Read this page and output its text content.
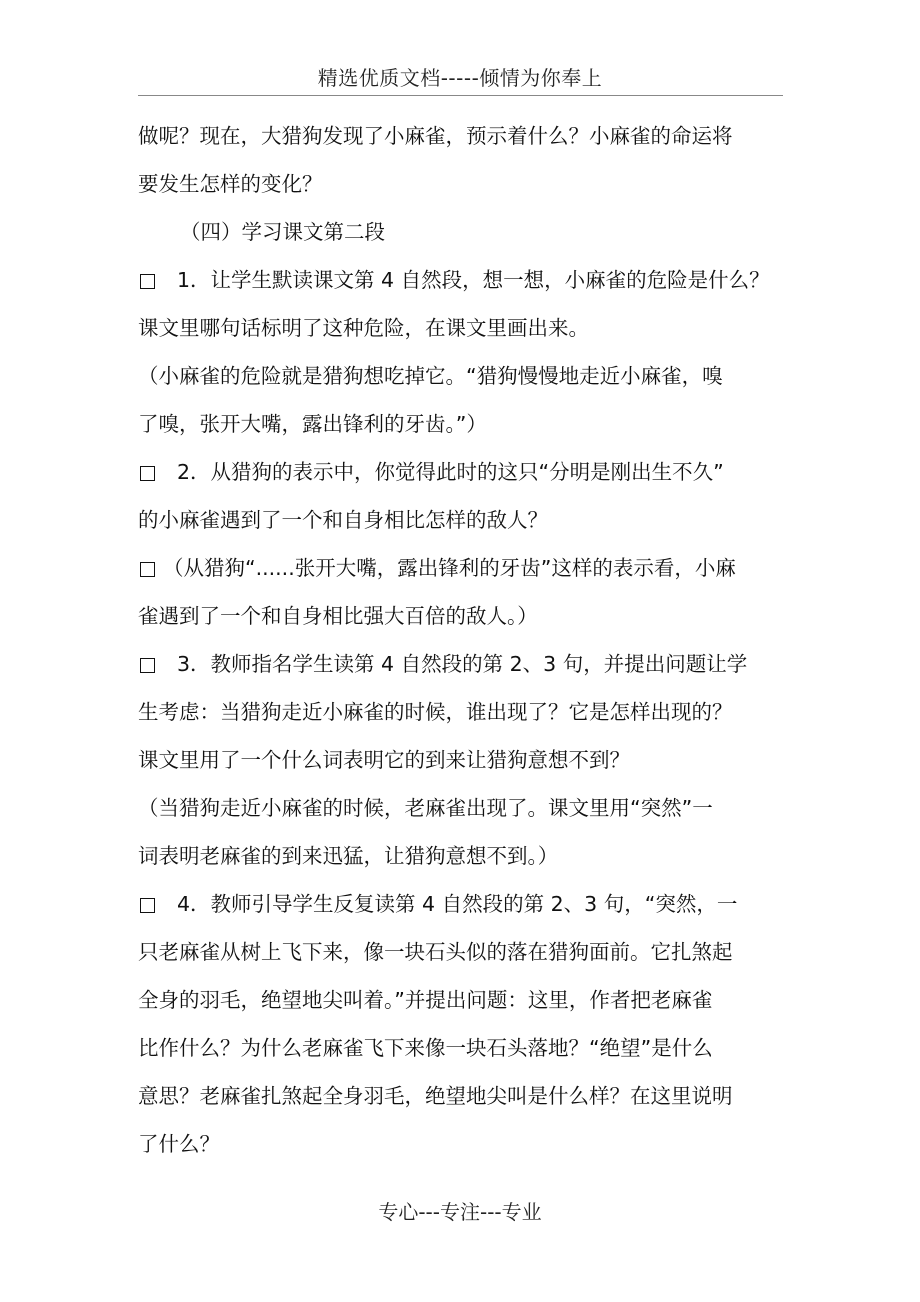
精选优质文档-----倾情为你奉上
做呢？现在，大猎狗发现了小麻雀，预示着什么？小麻雀的命运将
要发生怎样的变化？
（四）学习课文第二段
1．让学生默读课文第 4 自然段，想一想，小麻雀的危险是什么？
课文里哪句话标明了这种危险，在课文里画出来。
（小麻雀的危险就是猎狗想吃掉它。“猎狗慢慢地走近小麻雀，嗅
了嗅，张开大嘴，露出锋利的牙齿。”）
2．从猎狗的表示中，你觉得此时的这只“分明是刚出生不久”
的小麻雀遇到了一个和自身相比怎样的敌人？
（从猎狗“......张开大嘴，露出锋利的牙齿”这样的表示看，小麻
雀遇到了一个和自身相比强大百倍的敌人。）
3．教师指名学生读第 4 自然段的第 2、3 句，并提出问题让学
生考虑：当猎狗走近小麻雀的时候，谁出现了？它是怎样出现的？
课文里用了一个什么词表明它的到来让猎狗意想不到？
（当猎狗走近小麻雀的时候，老麻雀出现了。课文里用“突然”一
词表明老麻雀的到来迅猛，让猎狗意想不到。）
4．教师引导学生反复读第 4 自然段的第 2、3 句，“突然，一
只老麻雀从树上飞下来，像一块石头似的落在猎狗面前。它扎煞起
全身的羽毛，绝望地尖叫着。”并提出问题：这里，作者把老麻雀
比作什么？为什么老麻雀飞下来像一块石头落地？“绝望”是什么
意思？老麻雀扎煞起全身羽毛，绝望地尖叫是什么样？在这里说明
了什么？
专心---专注---专业
